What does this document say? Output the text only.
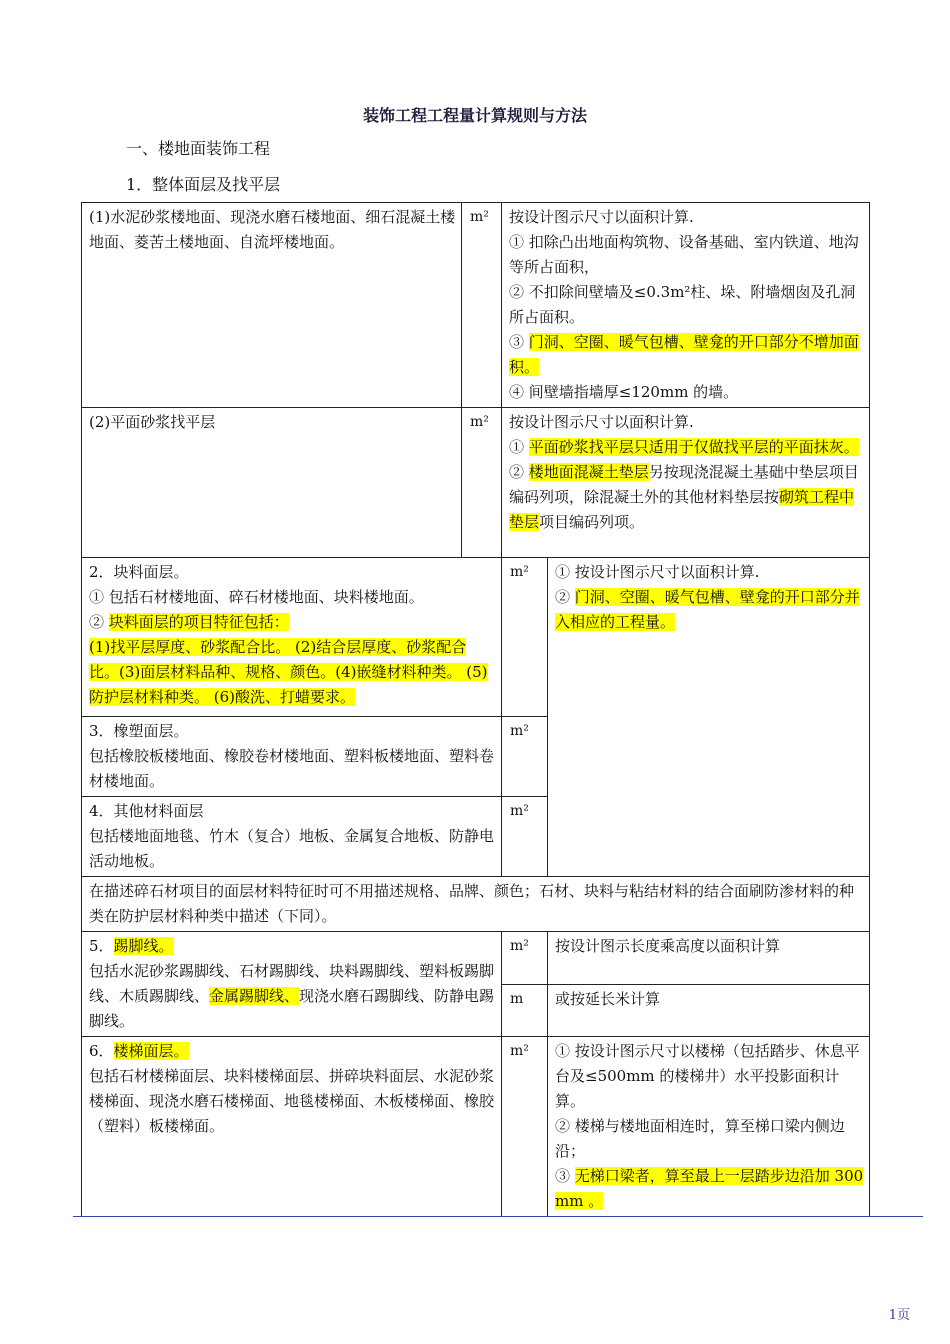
装饰工程工程量计算规则与方法
一、楼地面装饰工程
1．整体面层及找平层
(1)水泥砂浆楼地面、现浇水磨石楼地面、细石混凝土楼地面、菱苦土楼地面、自流坪楼地面。	m²	按设计图示尺寸以面积计算.
① 扣除凸出地面构筑物、设备基础、室内铁道、地沟等所占面积，
② 不扣除间壁墙及≤0.3m²柱、垛、附墙烟囱及孔洞所占面积。
③ 门洞、空圈、暖气包槽、壁龛的开口部分不增加面积。
④ 间壁墙指墙厚≤120mm 的墙。	

(2)平面砂浆找平层	m²	按设计图示尺寸以面积计算.
① 平面砂浆找平层只适用于仅做找平层的平面抹灰。
② 楼地面混凝土垫层另按现浇混凝土基础中垫层项目编码列项，除混凝土外的其他材料垫层按砌筑工程中垫层项目编码列项。	

2．块料面层。
① 包括石材楼地面、碎石材楼地面、块料楼地面。
② 块料面层的项目特征包括：
(1)找平层厚度、砂浆配合比。 (2)结合层厚度、砂浆配合比。(3)面层材料品种、规格、颜色。(4)嵌缝材料种类。 (5)防护层材料种类。 (6)酸洗、打蜡要求。		m²	① 按设计图示尺寸以面积计算.
② 门洞、空圈、暖气包槽、壁龛的开口部分并入相应的工程量。

3．橡塑面层。
包括橡胶板楼地面、橡胶卷材楼地面、塑料板楼地面、塑料卷材楼地面。		m²	

4．其他材料面层
包括楼地面地毯、竹木（复合）地板、金属复合地板、防静电活动地板。		m²	
在描述碎石材项目的面层材料特征时可不用描述规格、品牌、颜色；石材、块料与粘结材料的结合面刷防渗材料的种类在防护层材料种类中描述（下同）。			

5．踢脚线。
包括水泥砂浆踢脚线、石材踢脚线、块料踢脚线、塑料板踢脚线、木质踢脚线、金属踢脚线、现浇水磨石踢脚线、防静电踢脚线。		m²	按设计图示长度乘高度以面积计算
		m	或按延长米计算

6．楼梯面层。
包括石材楼梯面层、块料楼梯面层、拼碎块料面层、水泥砂浆楼梯面、现浇水磨石楼梯面、地毯楼梯面、木板楼梯面、橡胶（塑料）板楼梯面。		m²	① 按设计图示尺寸以楼梯（包括踏步、休息平台及≤500mm 的楼梯井）水平投影面积计算。
② 楼梯与楼地面相连时，算至梯口梁内侧边沿；
③ 无梯口梁者，算至最上一层踏步边沿加 300mm 。
1页
